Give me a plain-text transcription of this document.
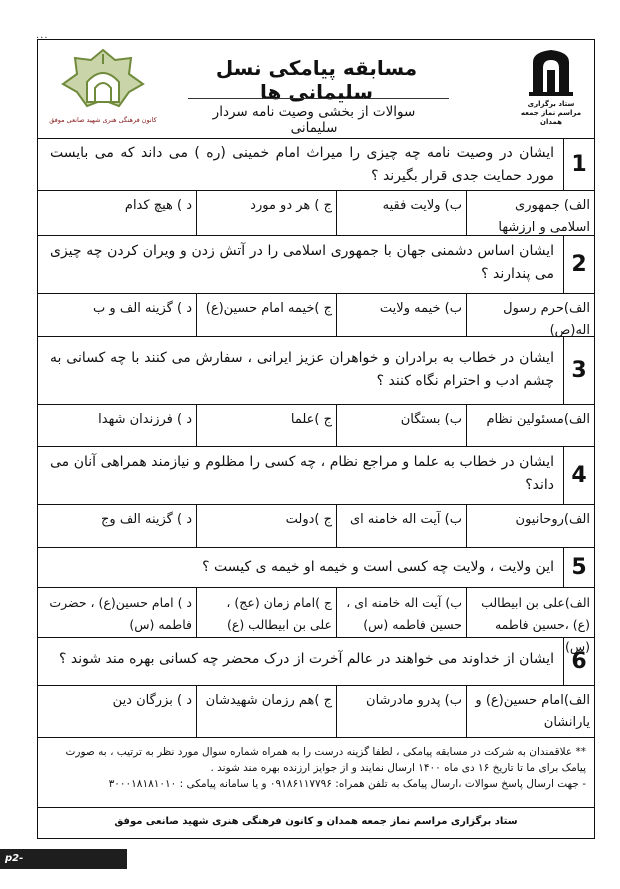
...
ستاد برگزاری مراسم نماز جمعه همدان
مسابقه پیامکی نسل سلیمانی ها
سوالات از بخشی وصیت نامه سردار سلیمانی
کانون فرهنگی هنری شهید صانعی موفق
1
ایشان در وصیت نامه چه چیزی را میراث امام خمینی (ره ) می داند که می بایست مورد حمایت جدی قرار بگیرند ؟
الف) جمهوری اسلامی و ارزشها
ب) ولایت فقیه
ج ) هر دو مورد
د ) هیچ کدام
2
ایشان اساس دشمنی جهان با جمهوری اسلامی را در آتش زدن و ویران کردن چه چیزی می پندارند ؟
الف)حرم رسول اله(ص)
ب) خیمه ولایت
ج )خیمه امام حسین(ع)
د ) گزینه الف و ب
3
ایشان در خطاب به برادران و خواهران عزیز ایرانی ، سفارش می کنند با چه کسانی به چشم ادب و احترام نگاه کنند ؟
الف)مسئولین نظام
ب) بستگان
ج )علما
د ) فرزندان شهدا
4
ایشان در خطاب به علما و مراجع نظام ، چه کسی را مظلوم و نیازمند همراهی آنان می داند؟
الف)روحانیون
ب) آیت اله خامنه ای
ج )دولت
د ) گزینه الف وج
5
این ولایت ، ولایت چه کسی است و خیمه او خیمه ی کیست ؟
الف)علی بن ابیطالب (ع) ،حسین فاطمه (س)
ب) آیت اله خامنه ای ، حسین فاطمه (س)
ج )امام زمان (عج) ، علی بن ابیطالب (ع)
د ) امام حسین(ع) ، حضرت فاطمه (س)
6
ایشان از خداوند می خواهند در عالم آخرت از درک محضر چه کسانی بهره مند شوند ؟
الف)امام حسین(ع) و یارانشان
ب) پدرو مادرشان
ج )هم رزمان شهیدشان
د ) بزرگان دین
** علاقمندان به شرکت در مسابقه پیامکی ، لطفا گزینه درست را به همراه شماره سوال مورد نظر به ترتیب ، به صورت پیامک برای ما تا تاریخ ۱۶ دی ماه ۱۴۰۰ ارسال نمایند و از جوایز ارزنده بهره مند شوند .
- جهت ارسال پاسخ سوالات ،ارسال پیامک به تلفن همراه: ۰۹۱۸۶۱۱۷۷۹۶ و یا سامانه پیامکی : ۳۰۰۰۱۸۱۸۱۰۱۰
ستاد برگزاری مراسم نماز جمعه همدان و کانون فرهنگی هنری شهید صانعی موفق
p2-hamedan.nus.ac.ir
